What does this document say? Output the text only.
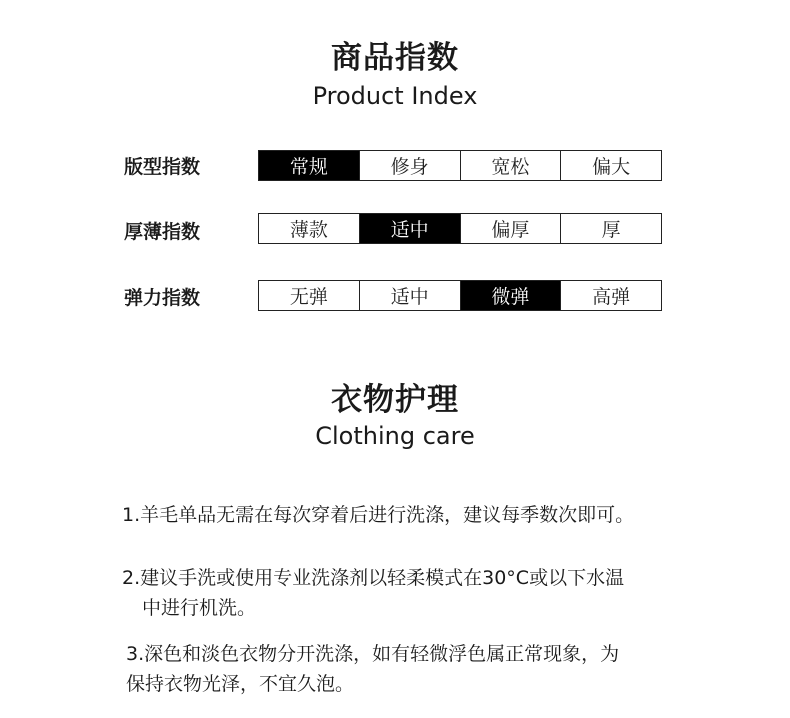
商品指数
Product Index
版型指数	常规	修身	宽松	偏大
厚薄指数	薄款	适中	偏厚	厚
弹力指数	无弹	适中	微弹	高弹
衣物护理
Clothing care
1.羊毛单品无需在每次穿着后进行洗涤，建议每季数次即可。
2.建议手洗或使用专业洗涤剂以轻柔模式在30°C或以下水温
中进行机洗。
3.深色和淡色衣物分开洗涤，如有轻微浮色属正常现象，为
保持衣物光泽，不宜久泡。
